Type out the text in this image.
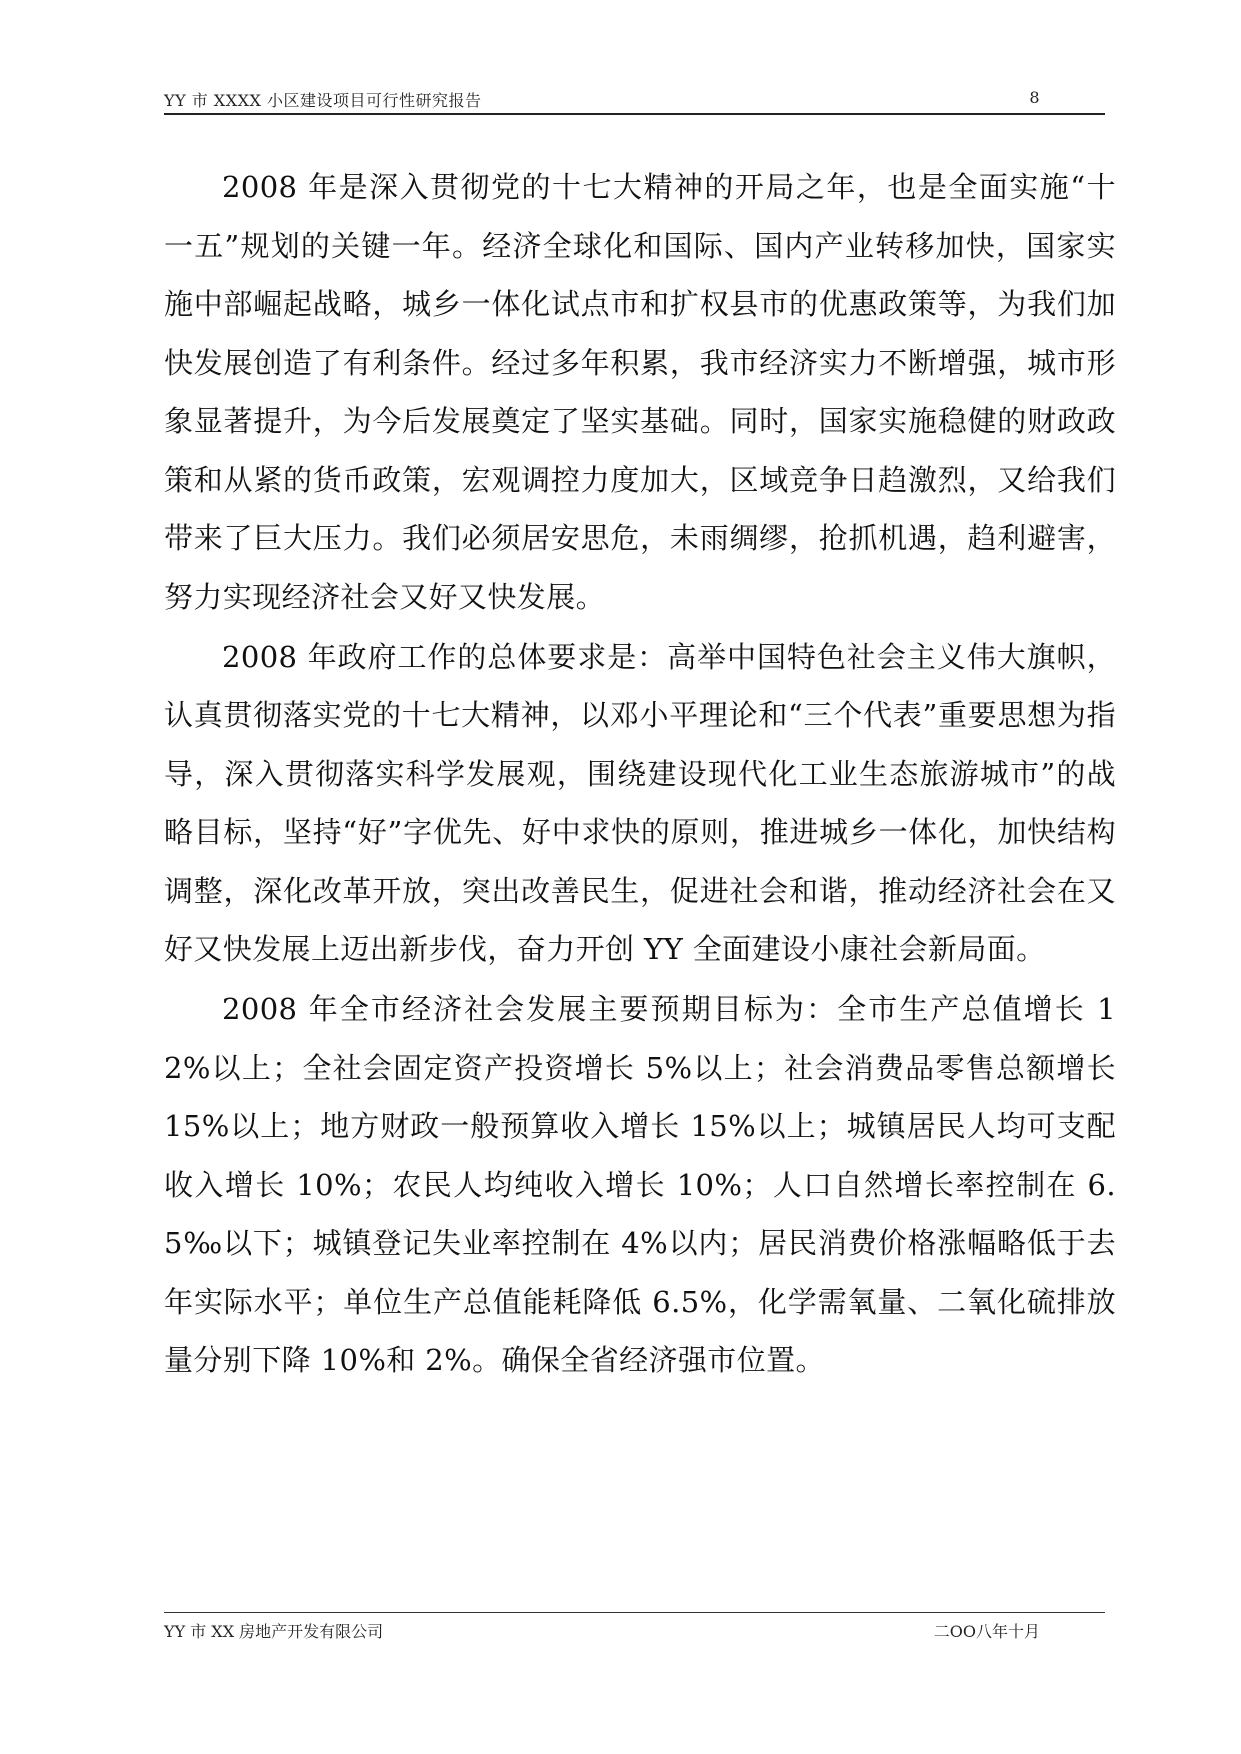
YY 市 XXXX 小区建设项目可行性研究报告	8

2008 年是深入贯彻党的十七大精神的开局之年，也是全面实施“十一五”规划的关键一年。经济全球化和国际、国内产业转移加快，国家实施中部崛起战略，城乡一体化试点市和扩权县市的优惠政策等，为我们加快发展创造了有利条件。经过多年积累，我市经济实力不断增强，城市形象显著提升，为今后发展奠定了坚实基础。同时，国家实施稳健的财政政策和从紧的货币政策，宏观调控力度加大，区域竞争日趋激烈，又给我们带来了巨大压力。我们必须居安思危，未雨绸缪，抢抓机遇，趋利避害，努力实现经济社会又好又快发展。

2008 年政府工作的总体要求是：高举中国特色社会主义伟大旗帜，认真贯彻落实党的十七大精神，以邓小平理论和“三个代表”重要思想为指导，深入贯彻落实科学发展观，围绕建设现代化工业生态旅游城市”的战略目标，坚持“好”字优先、好中求快的原则，推进城乡一体化，加快结构调整，深化改革开放，突出改善民生，促进社会和谐，推动经济社会在又好又快发展上迈出新步伐，奋力开创 YY 全面建设小康社会新局面。

2008 年全市经济社会发展主要预期目标为：全市生产总值增长 12%以上；全社会固定资产投资增长 5%以上；社会消费品零售总额增长 15%以上；地方财政一般预算收入增长 15%以上；城镇居民人均可支配收入增长 10%；农民人均纯收入增长 10%；人口自然增长率控制在 6.5‰以下；城镇登记失业率控制在 4%以内；居民消费价格涨幅略低于去年实际水平；单位生产总值能耗降低 6.5%，化学需氧量、二氧化硫排放量分别下降 10%和 2%。确保全省经济强市位置。

YY 市 XX 房地产开发有限公司	二OO八年十月
